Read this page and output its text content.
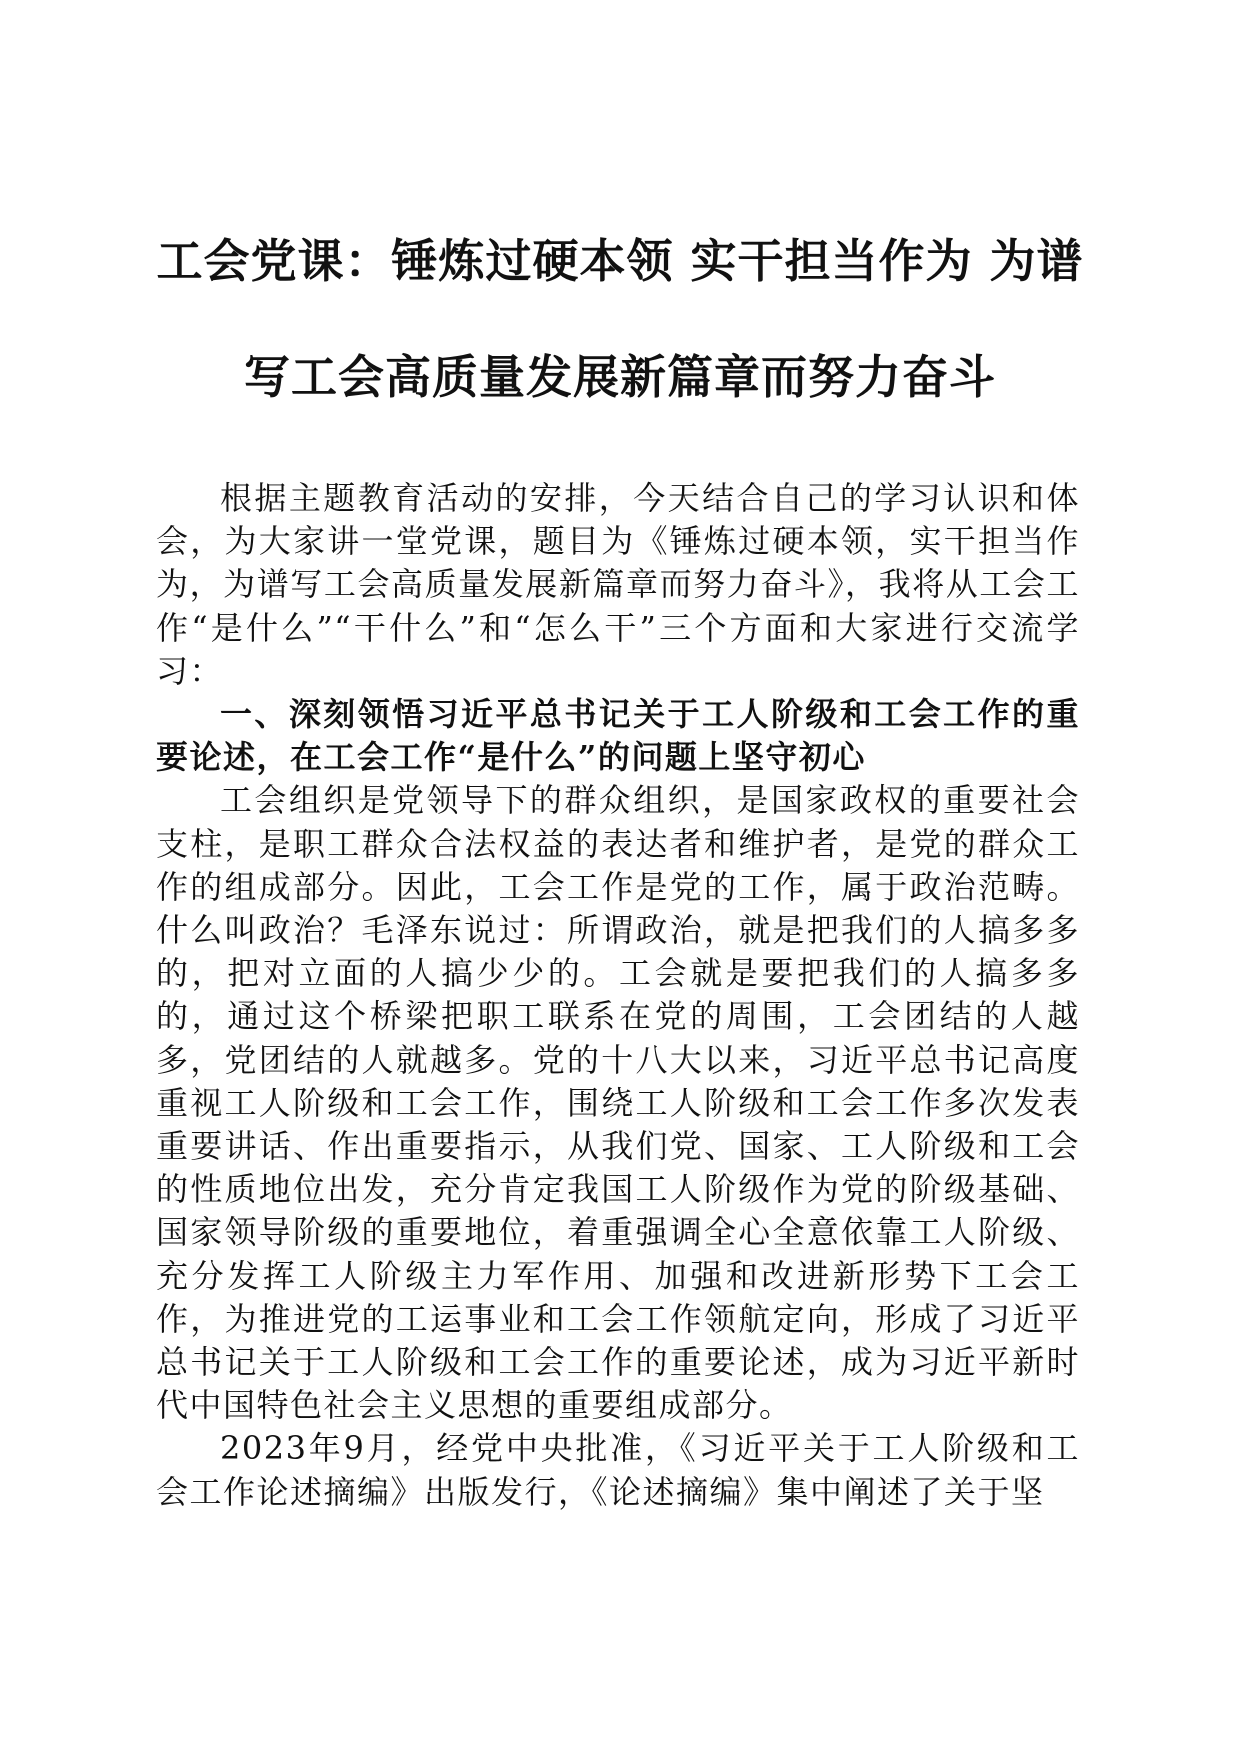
工会党课：锤炼过硬本领 实干担当作为 为谱
写工会高质量发展新篇章而努力奋斗

根据主题教育活动的安排，今天结合自己的学习认识和体会，为大家讲一堂党课，题目为《锤炼过硬本领，实干担当作为，为谱写工会高质量发展新篇章而努力奋斗》，我将从工会工作“是什么”“干什么”和“怎么干”三个方面和大家进行交流学习：

一、深刻领悟习近平总书记关于工人阶级和工会工作的重要论述，在工会工作“是什么”的问题上坚守初心

工会组织是党领导下的群众组织，是国家政权的重要社会支柱，是职工群众合法权益的表达者和维护者，是党的群众工作的组成部分。因此，工会工作是党的工作，属于政治范畴。什么叫政治？毛泽东说过：所谓政治，就是把我们的人搞多多的，把对立面的人搞少少的。工会就是要把我们的人搞多多的，通过这个桥梁把职工联系在党的周围，工会团结的人越多，党团结的人就越多。党的十八大以来，习近平总书记高度重视工人阶级和工会工作，围绕工人阶级和工会工作多次发表重要讲话、作出重要指示，从我们党、国家、工人阶级和工会的性质地位出发，充分肯定我国工人阶级作为党的阶级基础、国家领导阶级的重要地位，着重强调全心全意依靠工人阶级、充分发挥工人阶级主力军作用、加强和改进新形势下工会工作，为推进党的工运事业和工会工作领航定向，形成了习近平总书记关于工人阶级和工会工作的重要论述，成为习近平新时代中国特色社会主义思想的重要组成部分。

2023年9月，经党中央批准，《习近平关于工人阶级和工会工作论述摘编》出版发行，《论述摘编》集中阐述了关于坚
